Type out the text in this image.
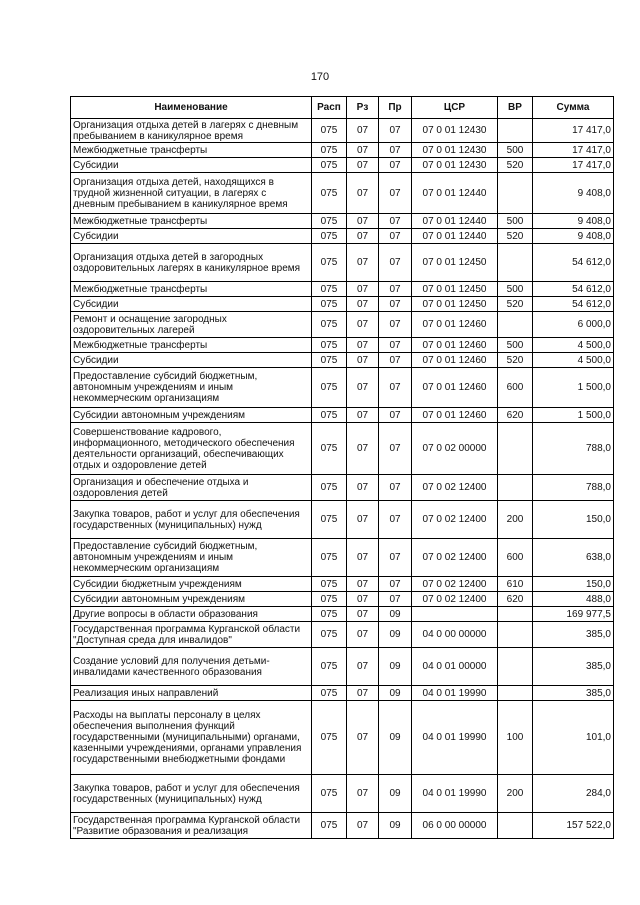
170
Наименование	Расп	Рз	Пр	ЦСР	ВР	Сумма
Организация отдыха детей в лагерях с дневным пребыванием в каникулярное время	075	07	07	07 0 01 12430		17 417,0
Межбюджетные трансферты	075	07	07	07 0 01 12430	500	17 417,0
Субсидии	075	07	07	07 0 01 12430	520	17 417,0
Организация отдыха детей, находящихся в трудной жизненной ситуации, в лагерях с дневным пребыванием в каникулярное время	075	07	07	07 0 01 12440		9 408,0
Межбюджетные трансферты	075	07	07	07 0 01 12440	500	9 408,0
Субсидии	075	07	07	07 0 01 12440	520	9 408,0
Организация отдыха детей в загородных оздоровительных лагерях в каникулярное время	075	07	07	07 0 01 12450		54 612,0
Межбюджетные трансферты	075	07	07	07 0 01 12450	500	54 612,0
Субсидии	075	07	07	07 0 01 12450	520	54 612,0
Ремонт и оснащение загородных оздоровительных лагерей	075	07	07	07 0 01 12460		6 000,0
Межбюджетные трансферты	075	07	07	07 0 01 12460	500	4 500,0
Субсидии	075	07	07	07 0 01 12460	520	4 500,0
Предоставление субсидий бюджетным, автономным учреждениям и иным некоммерческим организациям	075	07	07	07 0 01 12460	600	1 500,0
Субсидии автономным учреждениям	075	07	07	07 0 01 12460	620	1 500,0
Совершенствование кадрового, информационного, методического обеспечения деятельности организаций, обеспечивающих отдых и оздоровление детей	075	07	07	07 0 02 00000		788,0
Организация и обеспечение отдыха и оздоровления детей	075	07	07	07 0 02 12400		788,0
Закупка товаров, работ и услуг для обеспечения государственных (муниципальных) нужд	075	07	07	07 0 02 12400	200	150,0
Предоставление субсидий бюджетным, автономным учреждениям и иным некоммерческим организациям	075	07	07	07 0 02 12400	600	638,0
Субсидии бюджетным учреждениям	075	07	07	07 0 02 12400	610	150,0
Субсидии автономным учреждениям	075	07	07	07 0 02 12400	620	488,0
Другие вопросы в области образования	075	07	09			169 977,5
Государственная программа Курганской области "Доступная среда для инвалидов"	075	07	09	04 0 00 00000		385,0
Создание условий для получения детьми-инвалидами качественного образования	075	07	09	04 0 01 00000		385,0
Реализация иных направлений	075	07	09	04 0 01 19990		385,0
Расходы на выплаты персоналу в целях обеспечения выполнения функций государственными (муниципальными) органами, казенными учреждениями, органами управления государственными внебюджетными фондами	075	07	09	04 0 01 19990	100	101,0
Закупка товаров, работ и услуг для обеспечения государственных (муниципальных) нужд	075	07	09	04 0 01 19990	200	284,0
Государственная программа Курганской области "Развитие образования и реализация	075	07	09	06 0 00 00000		157 522,0
